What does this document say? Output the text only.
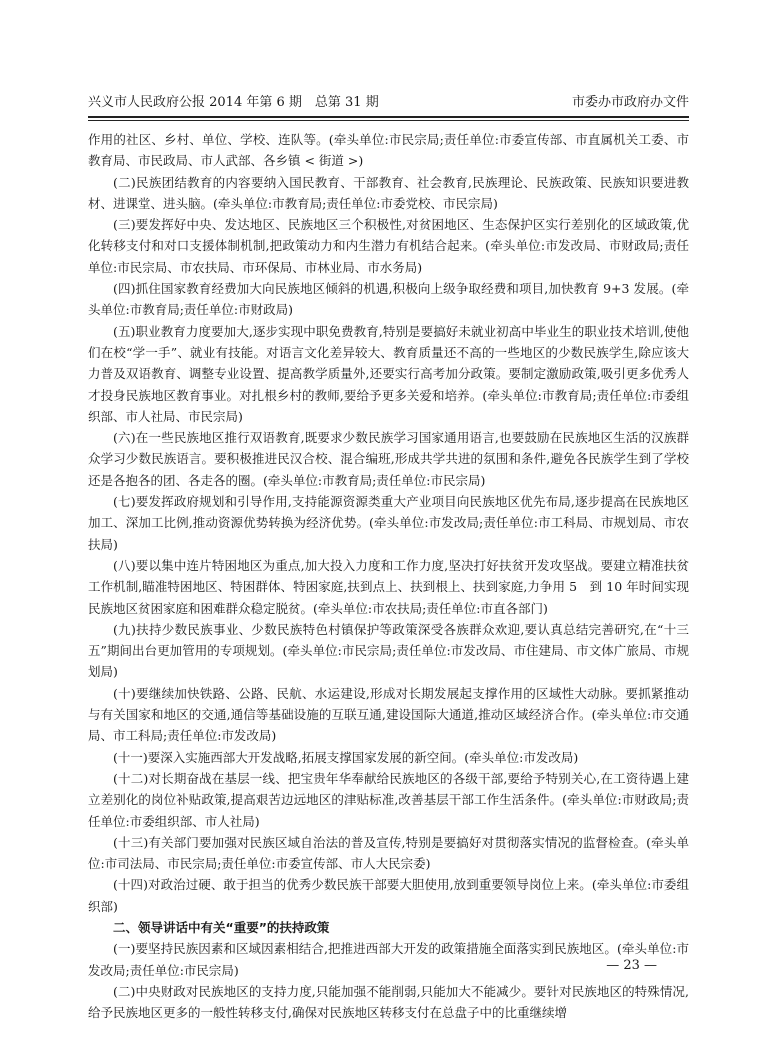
兴义市人民政府公报 2014 年第 6 期　总第 31 期	市委办市政府办文件

作用的社区、乡村、单位、学校、连队等。(牵头单位:市民宗局;责任单位:市委宣传部、市直属机关工委、市教育局、市民政局、市人武部、各乡镇 < 街道 >)

(二)民族团结教育的内容要纳入国民教育、干部教育、社会教育,民族理论、民族政策、民族知识要进教材、进课堂、进头脑。(牵头单位:市教育局;责任单位:市委党校、市民宗局)

(三)要发挥好中央、发达地区、民族地区三个积极性,对贫困地区、生态保护区实行差别化的区域政策,优化转移支付和对口支援体制机制,把政策动力和内生潜力有机结合起来。(牵头单位:市发改局、市财政局;责任单位:市民宗局、市农扶局、市环保局、市林业局、市水务局)

(四)抓住国家教育经费加大向民族地区倾斜的机遇,积极向上级争取经费和项目,加快教育 9+3 发展。(牵头单位:市教育局;责任单位:市财政局)

(五)职业教育力度要加大,逐步实现中职免费教育,特别是要搞好未就业初高中毕业生的职业技术培训,使他们在校“学一手”、就业有技能。对语言文化差异较大、教育质量还不高的一些地区的少数民族学生,除应该大力普及双语教育、调整专业设置、提高教学质量外,还要实行高考加分政策。要制定激励政策,吸引更多优秀人才投身民族地区教育事业。对扎根乡村的教师,要给予更多关爱和培养。(牵头单位:市教育局;责任单位:市委组织部、市人社局、市民宗局)

(六)在一些民族地区推行双语教育,既要求少数民族学习国家通用语言,也要鼓励在民族地区生活的汉族群众学习少数民族语言。要积极推进民汉合校、混合编班,形成共学共进的氛围和条件,避免各民族学生到了学校还是各抱各的团、各走各的圈。(牵头单位:市教育局;责任单位:市民宗局)

(七)要发挥政府规划和引导作用,支持能源资源类重大产业项目向民族地区优先布局,逐步提高在民族地区加工、深加工比例,推动资源优势转换为经济优势。(牵头单位:市发改局;责任单位:市工科局、市规划局、市农扶局)

(八)要以集中连片特困地区为重点,加大投入力度和工作力度,坚决打好扶贫开发攻坚战。要建立精准扶贫工作机制,瞄准特困地区、特困群体、特困家庭,扶到点上、扶到根上、扶到家庭,力争用 5　到 10 年时间实现民族地区贫困家庭和困难群众稳定脱贫。(牵头单位:市农扶局;责任单位:市直各部门)

(九)扶持少数民族事业、少数民族特色村镇保护等政策深受各族群众欢迎,要认真总结完善研究,在“十三五”期间出台更加管用的专项规划。(牵头单位:市民宗局;责任单位:市发改局、市住建局、市文体广旅局、市规划局)

(十)要继续加快铁路、公路、民航、水运建设,形成对长期发展起支撑作用的区域性大动脉。要抓紧推动与有关国家和地区的交通,通信等基础设施的互联互通,建设国际大通道,推动区域经济合作。(牵头单位:市交通局、市工科局;责任单位:市发改局)

(十一)要深入实施西部大开发战略,拓展支撑国家发展的新空间。(牵头单位:市发改局)

(十二)对长期奋战在基层一线、把宝贵年华奉献给民族地区的各级干部,要给予特别关心,在工资待遇上建立差别化的岗位补贴政策,提高艰苦边远地区的津贴标准,改善基层干部工作生活条件。(牵头单位:市财政局;责任单位:市委组织部、市人社局)

(十三)有关部门要加强对民族区域自治法的普及宣传,特别是要搞好对贯彻落实情况的监督检查。(牵头单位:市司法局、市民宗局;责任单位:市委宣传部、市人大民宗委)

(十四)对政治过硬、敢于担当的优秀少数民族干部要大胆使用,放到重要领导岗位上来。(牵头单位:市委组织部)

二、领导讲话中有关“重要”的扶持政策

(一)要坚持民族因素和区域因素相结合,把推进西部大开发的政策措施全面落实到民族地区。(牵头单位:市发改局;责任单位:市民宗局)

(二)中央财政对民族地区的支持力度,只能加强不能削弱,只能加大不能减少。要针对民族地区的特殊情况,给予民族地区更多的一般性转移支付,确保对民族地区转移支付在总盘子中的比重继续增

— 23 —
